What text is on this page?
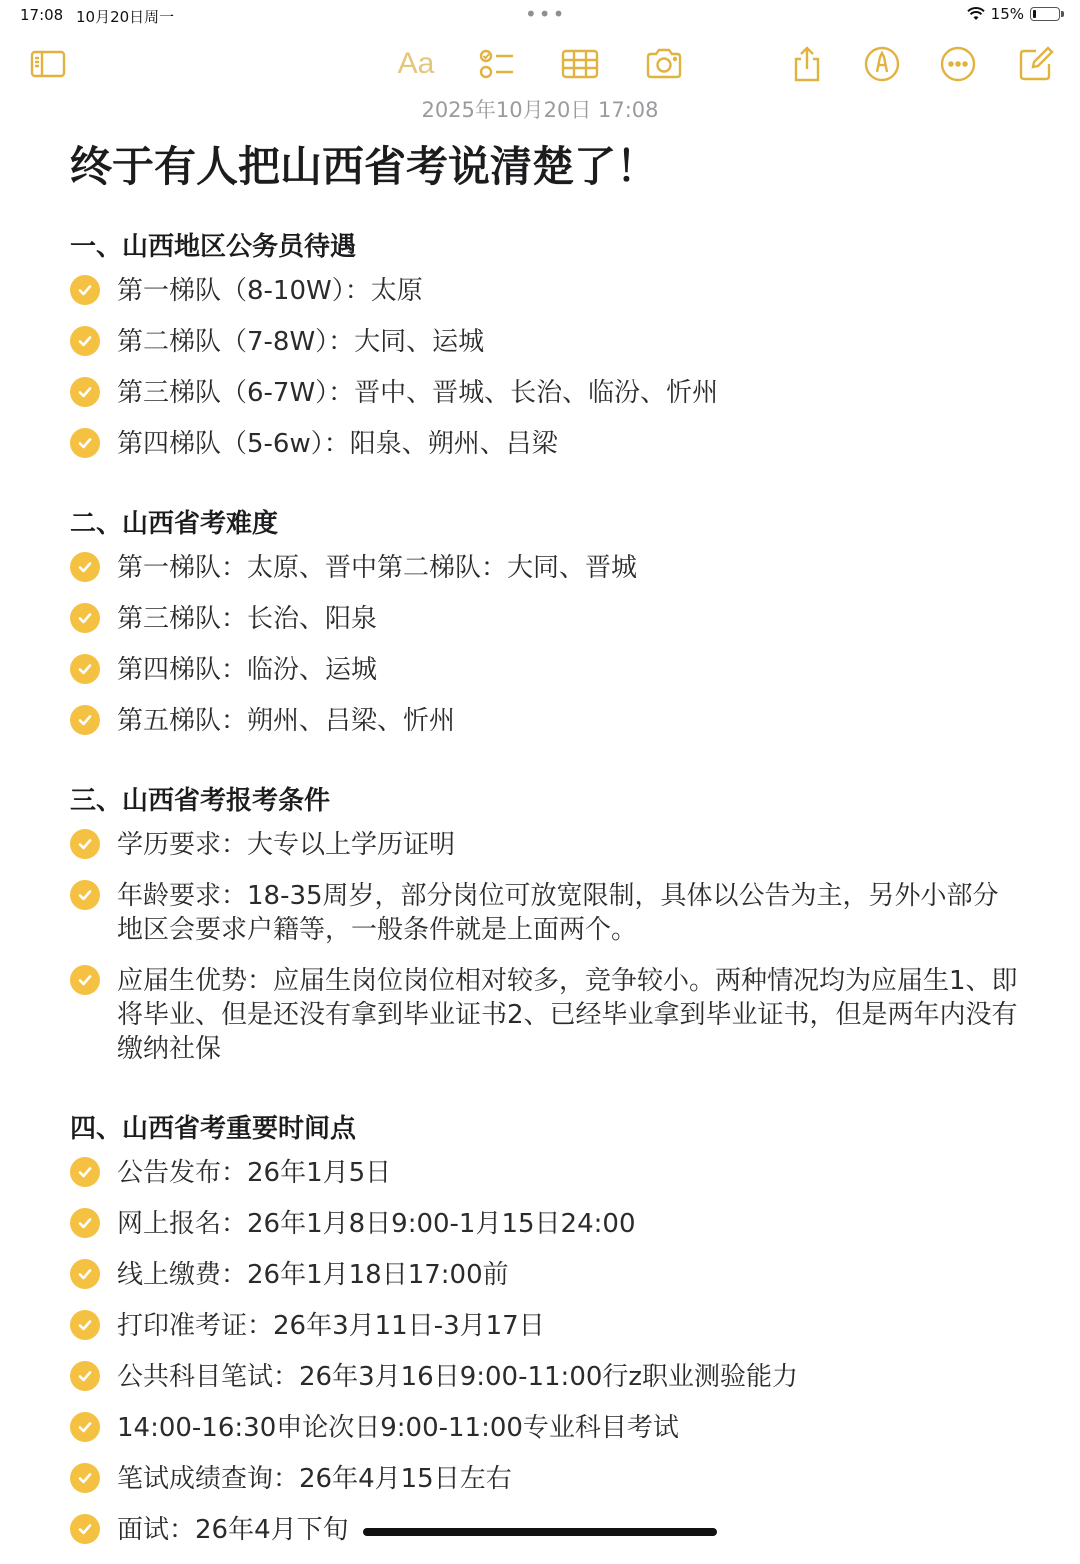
17:08 10月20日周一	•••	15%
Aa
2025年10月20日 17:08
终于有人把山西省考说清楚了！
一、山西地区公务员待遇
第一梯队（8-10W）：太原
第二梯队（7-8W）：大同、运城
第三梯队（6-7W）：晋中、晋城、长治、临汾、忻州
第四梯队（5-6w）：阳泉、朔州、吕梁
二、山西省考难度
第一梯队：太原、晋中第二梯队：大同、晋城
第三梯队：长治、阳泉
第四梯队：临汾、运城
第五梯队：朔州、吕梁、忻州
三、山西省考报考条件
学历要求：大专以上学历证明
年龄要求：18-35周岁，部分岗位可放宽限制，具体以公告为主，另外小部分地区会要求户籍等，一般条件就是上面两个。
应届生优势：应届生岗位岗位相对较多，竞争较小。两种情况均为应届生1、即将毕业、但是还没有拿到毕业证书2、已经毕业拿到毕业证书，但是两年内没有缴纳社保
四、山西省考重要时间点
公告发布：26年1月5日
网上报名：26年1月8日9:00-1月15日24:00
线上缴费：26年1月18日17:00前
打印准考证：26年3月11日-3月17日
公共科目笔试：26年3月16日9:00-11:00行z职业测验能力
14:00-16:30申论次日9:00-11:00专业科目考试
笔试成绩查询：26年4月15日左右
面试：26年4月下旬
